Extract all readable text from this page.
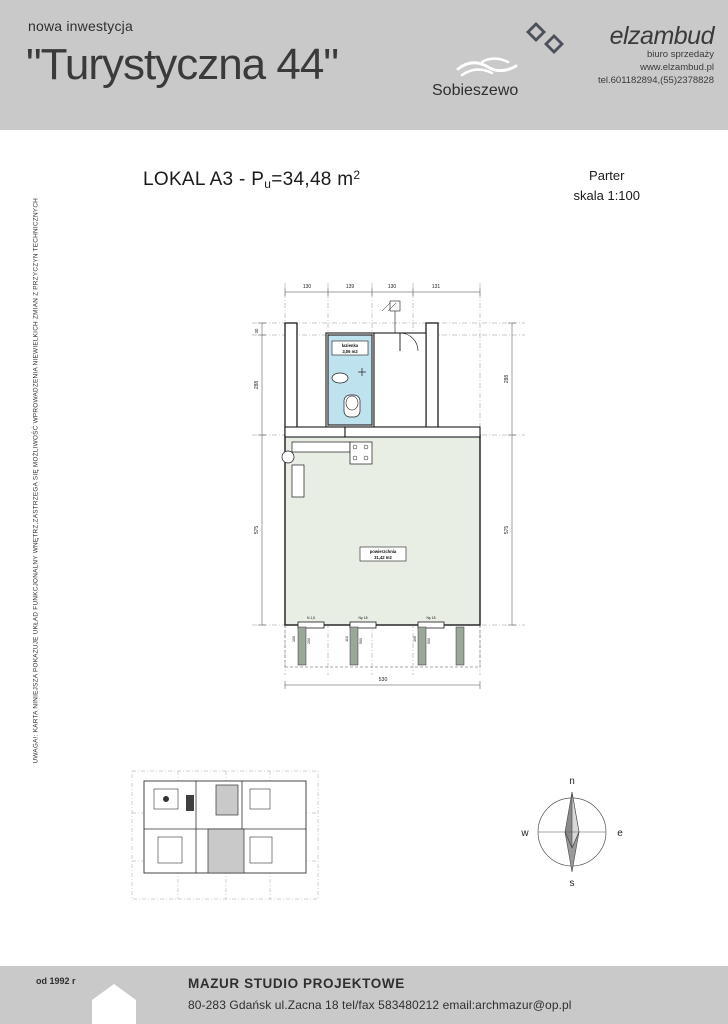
nowa inwestycja
"Turystyczna 44"
Sobieszewo
elzambud
biuro sprzedaży
www.elzambud.pl
tel.601182894,(55)2378828
LOKAL $A3 - P_u=34,48$ $m^2$	Parter
skala 1:100
UWAGA!: KARTA NINIEJSZA POKAZUJE UKŁAD FUNKCJONALNY WNĘTRZ,ZASTRZEGA SIĘ MOŻLIWOŚĆ WPROWADZENIA NIEWIELKICH ZMIAN Z PRZYCZYN TECHNICZNYCH	130	139	130	131
łazienka
3,06 m2
powierzchnia
31,42 m2
N 1,5	Np 18	Np 18
100	200	110	500	100	500
30
288
575
288
575
530
n
s
e
w
od 1992 r	MAZUR STUDIO PROJEKTOWE
80-283 Gdańsk ul.Zacna 18 tel/fax 583480212 email:archmazur@op.pl
